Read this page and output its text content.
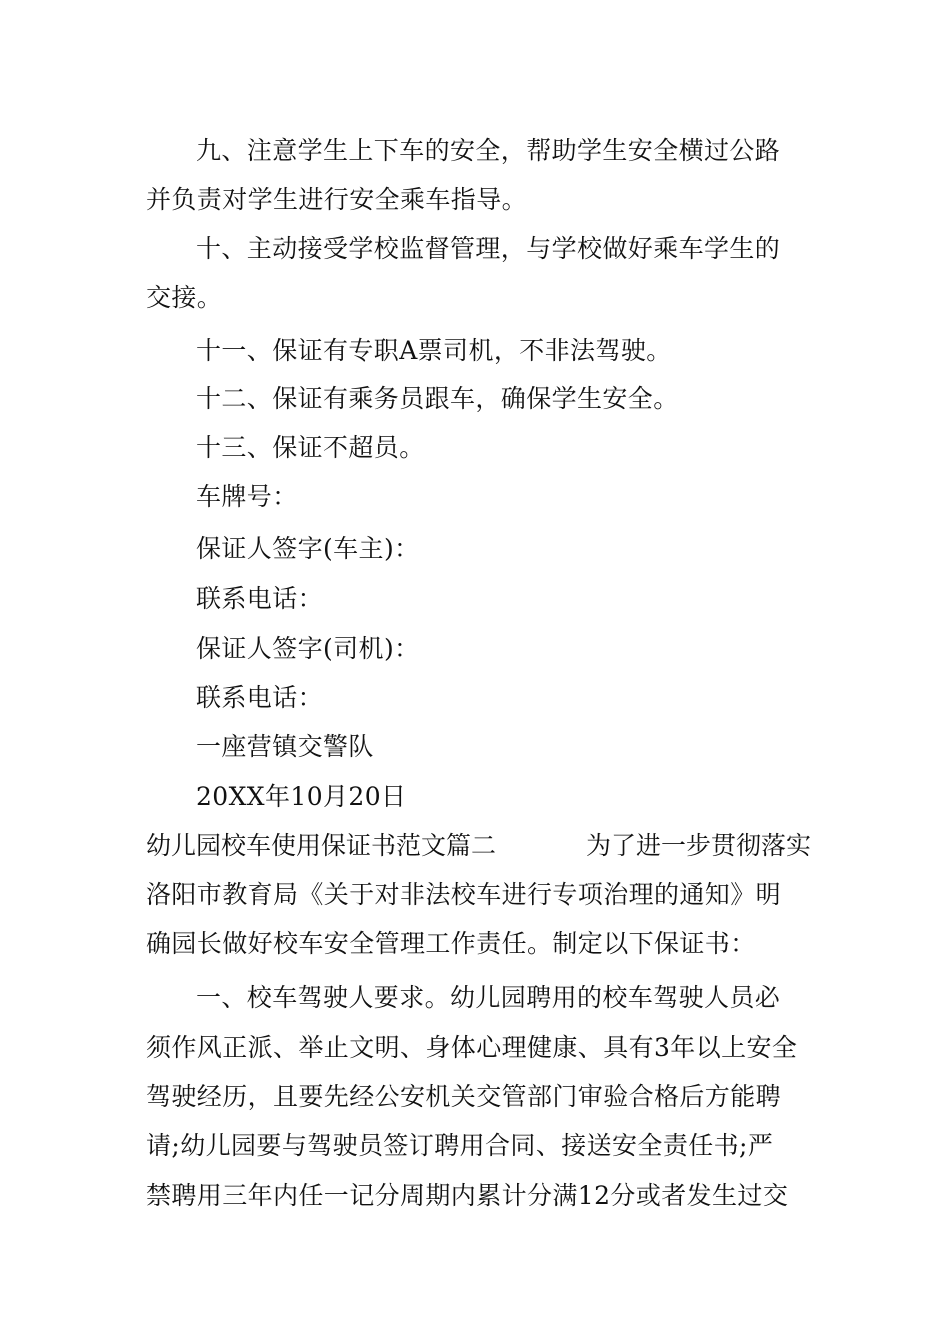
九、注意学生上下车的安全，帮助学生安全横过公路
并负责对学生进行安全乘车指导。
十、主动接受学校监督管理，与学校做好乘车学生的
交接。
十一、保证有专职A票司机，不非法驾驶。
十二、保证有乘务员跟车，确保学生安全。
十三、保证不超员。
车牌号：
保证人签字(车主)：
联系电话：
保证人签字(司机)：
联系电话：
一座营镇交警队
20XX年10月20日
幼儿园校车使用保证书范文篇二	为了进一步贯彻落实
洛阳市教育局《关于对非法校车进行专项治理的通知》明
确园长做好校车安全管理工作责任。制定以下保证书：
一、校车驾驶人要求。幼儿园聘用的校车驾驶人员必
须作风正派、举止文明、身体心理健康、具有3年以上安全
驾驶经历，且要先经公安机关交管部门审验合格后方能聘
请;幼儿园要与驾驶员签订聘用合同、接送安全责任书;严
禁聘用三年内任一记分周期内累计分满12分或者发生过交
